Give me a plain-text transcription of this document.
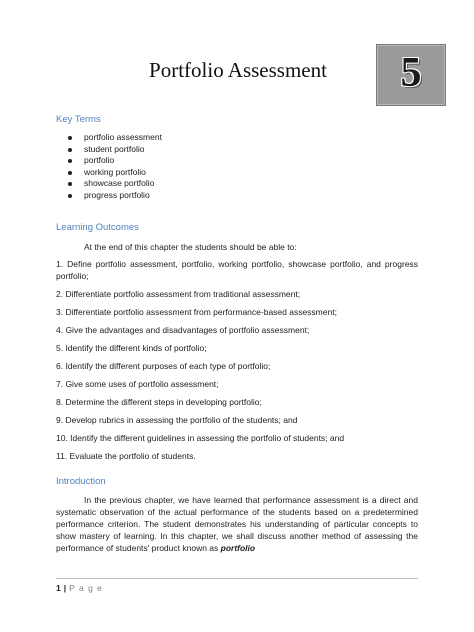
Portfolio Assessment	5
Key Terms
portfolio assessment
student portfolio
portfolio
working portfolio
showcase portfolio
progress portfolio
Learning Outcomes
At the end of this chapter the students should be able to:
1. Define portfolio assessment, portfolio, working portfolio, showcase portfolio, and progress portfolio;
2. Differentiate portfolio assessment from traditional assessment;
3. Differentiate portfolio assessment from performance-based assessment;
4. Give the advantages and disadvantages of portfolio assessment;
5. Identify the different kinds of portfolio;
6. Identify the different purposes of each type of portfolio;
7. Give some uses of portfolio assessment;
8. Determine the different steps in developing portfolio;
9. Develop rubrics in assessing the portfolio of the students; and
10. Identify the different guidelines in assessing the portfolio of students; and
11. Evaluate the portfolio of students.
Introduction
In the previous chapter, we have learned that performance assessment is a direct and systematic observation of the actual performance of the students based on a predetermined performance criterion. The student demonstrates his understanding of particular concepts to show mastery of learning. In this chapter, we shall discuss another method of assessing the performance of students' product known as portfolio
1 | P a g e
